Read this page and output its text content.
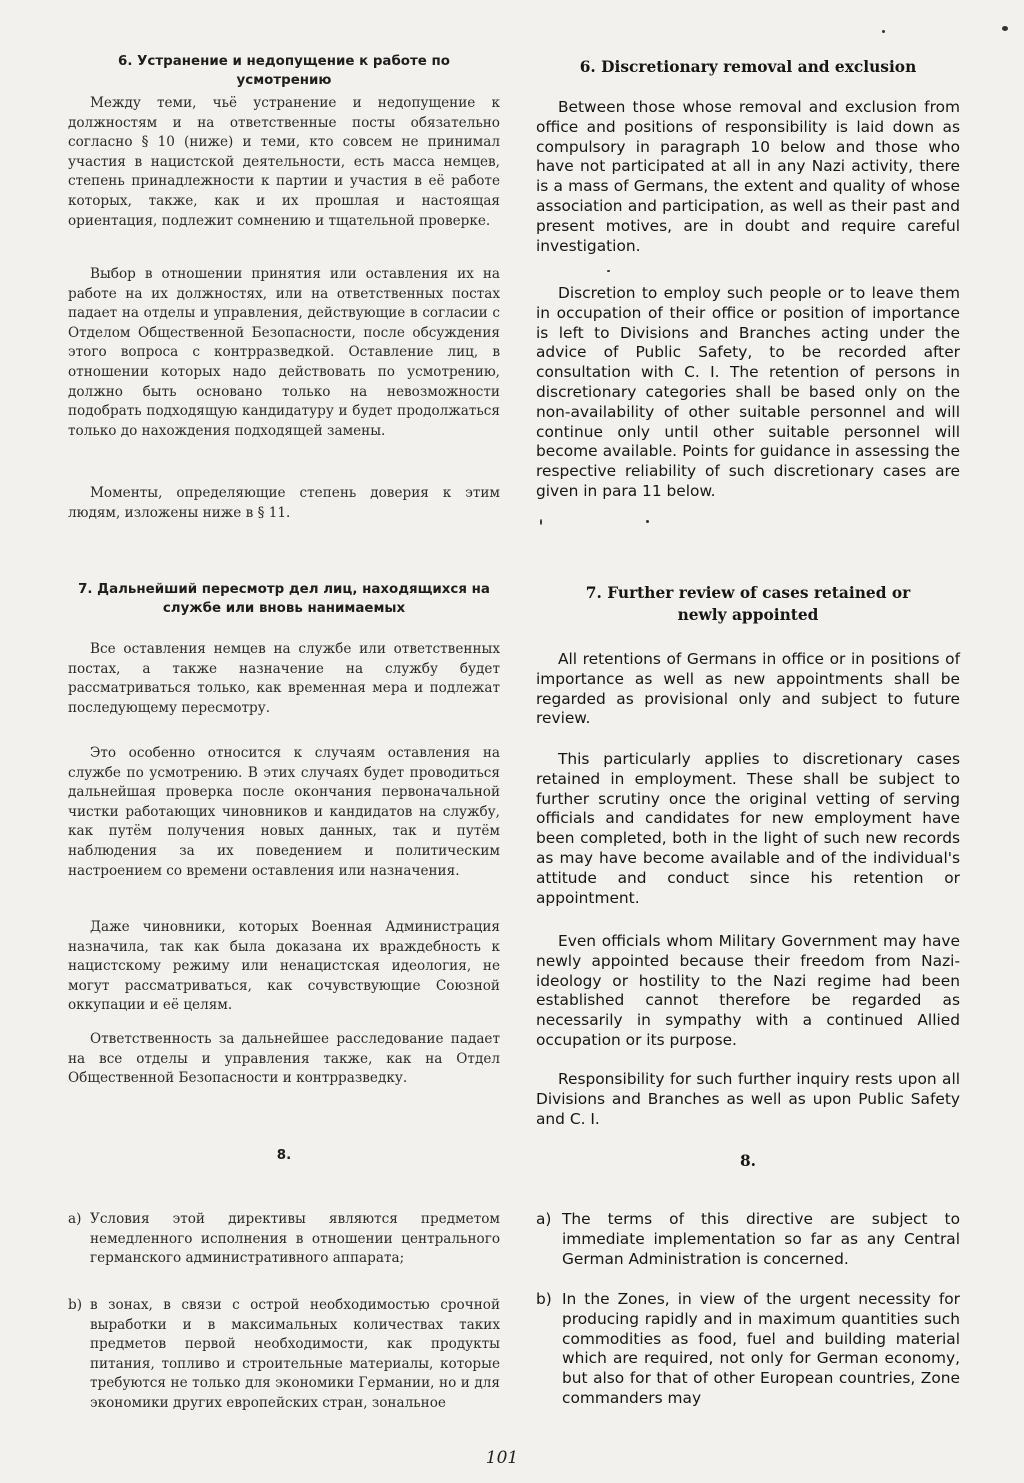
6. Устранение и недопущение к работе по усмотрению

Между теми, чьё устранение и недопущение к должностям и на ответственные посты обязательно согласно § 10 (ниже) и теми, кто совсем не принимал участия в нацистской деятельности, есть масса немцев, степень принадлежности к партии и участия в её работе которых, также, как и их прошлая и настоящая ориентация, подлежит сомнению и тщательной проверке.

Выбор в отношении принятия или оставления их на работе на их должностях, или на ответственных постах падает на отделы и управления, действующие в согласии с Отделом Общественной Безопасности, после обсуждения этого вопроса с контрразведкой. Оставление лиц, в отношении которых надо действовать по усмотрению, должно быть основано только на невозможности подобрать подходящую кандидатуру и будет продолжаться только до нахождения подходящей замены.

Моменты, определяющие степень доверия к этим людям, изложены ниже в § 11.

7. Дальнейший пересмотр дел лиц, находящихся на службе или вновь нанимаемых

Все оставления немцев на службе или ответственных постах, а также назначение на службу будет рассматриваться только, как временная мера и подлежат последующему пересмотру.

Это особенно относится к случаям оставления на службе по усмотрению. В этих случаях будет проводиться дальнейшая проверка после окончания первоначальной чистки работающих чиновников и кандидатов на службу, как путём получения новых данных, так и путём наблюдения за их поведением и политическим настроением со времени оставления или назначения.

Даже чиновники, которых Военная Администрация назначила, так как была доказана их враждебность к нацистскому режиму или ненацистская идеология, не могут рассматриваться, как сочувствующие Союзной оккупации и её целям.

Ответственность за дальнейшее расследование падает на все отделы и управления также, как на Отдел Общественной Безопасности и контрразведку.

8.
a) Условия этой директивы являются предметом немедленного исполнения в отношении центрального германского административного аппарата;
b) в зонах, в связи с острой необходимостью срочной выработки и в максимальных количествах таких предметов первой необходимости, как продукты питания, топливо и строительные материалы, которые требуются не только для экономики Германии, но и для экономики других европейских стран, зональное
6. Discretionary removal and exclusion

Between those whose removal and exclusion from office and positions of responsibility is laid down as compulsory in paragraph 10 below and those who have not participated at all in any Nazi activity, there is a mass of Germans, the extent and quality of whose association and participation, as well as their past and present motives, are in doubt and require careful investigation.

Discretion to employ such people or to leave them in occupation of their office or position of importance is left to Divisions and Branches acting under the advice of Public Safety, to be recorded after consultation with C. I. The retention of persons in discretionary categories shall be based only on the non-availability of other suitable personnel and will continue only until other suitable personnel will become available. Points for guidance in assessing the respective reliability of such discretionary cases are given in para 11 below.

7. Further review of cases retained or newly appointed

All retentions of Germans in office or in positions of importance as well as new appointments shall be regarded as provisional only and subject to future review.

This particularly applies to discretionary cases retained in employment. These shall be subject to further scrutiny once the original vetting of serving officials and candidates for new employment have been completed, both in the light of such new records as may have become available and of the individual's attitude and conduct since his retention or appointment.

Even officials whom Military Government may have newly appointed because their freedom from Nazi-ideology or hostility to the Nazi regime had been established cannot therefore be regarded as necessarily in sympathy with a continued Allied occupation or its purpose.

Responsibility for such further inquiry rests upon all Divisions and Branches as well as upon Public Safety and C. I.

8.
a) The terms of this directive are subject to immediate implementation so far as any Central German Administration is concerned.
b) In the Zones, in view of the urgent necessity for producing rapidly and in maximum quantities such commodities as food, fuel and building material which are required, not only for German economy, but also for that of other European countries, Zone commanders may
101
